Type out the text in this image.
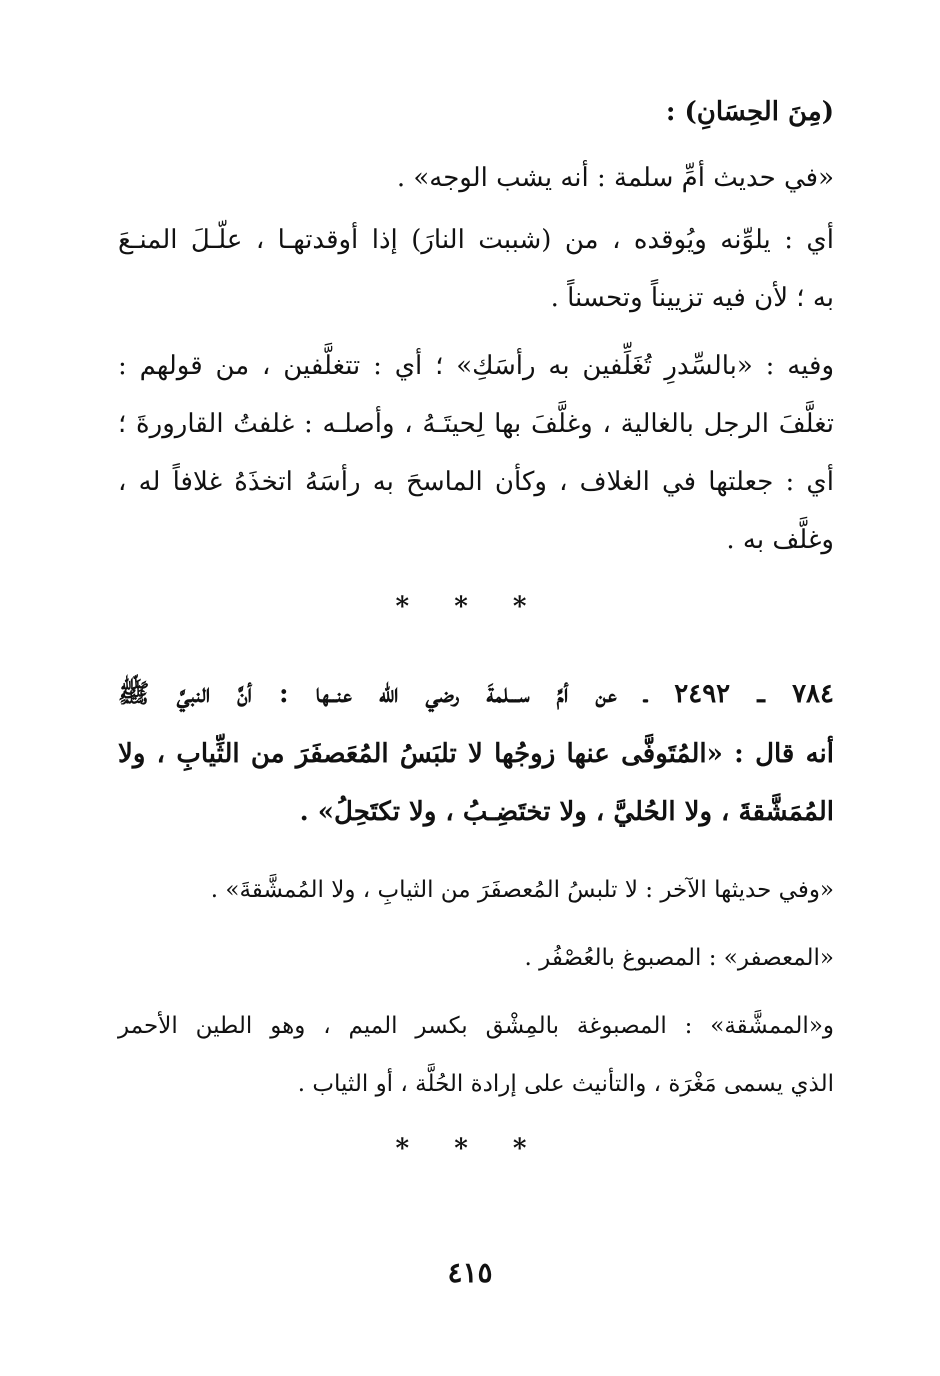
(مِنَ الحِسَانِ) :
«في حديث أمِّ سلمة : أنه يشب الوجه» .
أي : يلوِّنه ويُوقده ، من (شببت النارَ) إذا أوقدتهـا ، علّـلَ المنـعَ
به ؛ لأن فيه تزييناً وتحسناً .
وفيه : «بالسِّدرِ تُغَلِّفين به رأسَكِ» ؛ أي : تتغلَّفين ، من قولهم :
تغلَّفَ الرجل بالغالية ، وغلَّفَ بها لِحيتَـهُ ، وأصلـه : غلفتُ القارورةَ ؛
أي : جعلتها في الغلاف ، وكأن الماسحَ به رأسَهُ اتخذَهُ غلافاً له ،
وغلَّف به .
٧٨٤ ـ ٢٤٩٢ ـ عن أمِّ ســـلمةَ رضي الله عنــها : أنَّ النبيَّ ﷺ
أنه قال : «المُتَوفَّى عنها زوجُها لا تلبَسُ المُعَصفَرَ من الثِّيابِ ، ولا
المُمَشَّقةَ ، ولا الحُليَّ ، ولا تختَضِـبُ ، ولا تكتَحِلُ» .
«وفي حديثها الآخر : لا تلبسُ المُعصفَرَ من الثيابِ ، ولا المُمشَّقةَ» .
«المعصفر» : المصبوغ بالعُصْفُر .
و«الممشَّقة» : المصبوغة بالمِشْق بكسر الميم ، وهو الطين الأحمر
الذي يسمى مَغْرَة ، والتأنيث على إرادة الحُلَّة ، أو الثياب .
* * *
* * *
٤١٥
